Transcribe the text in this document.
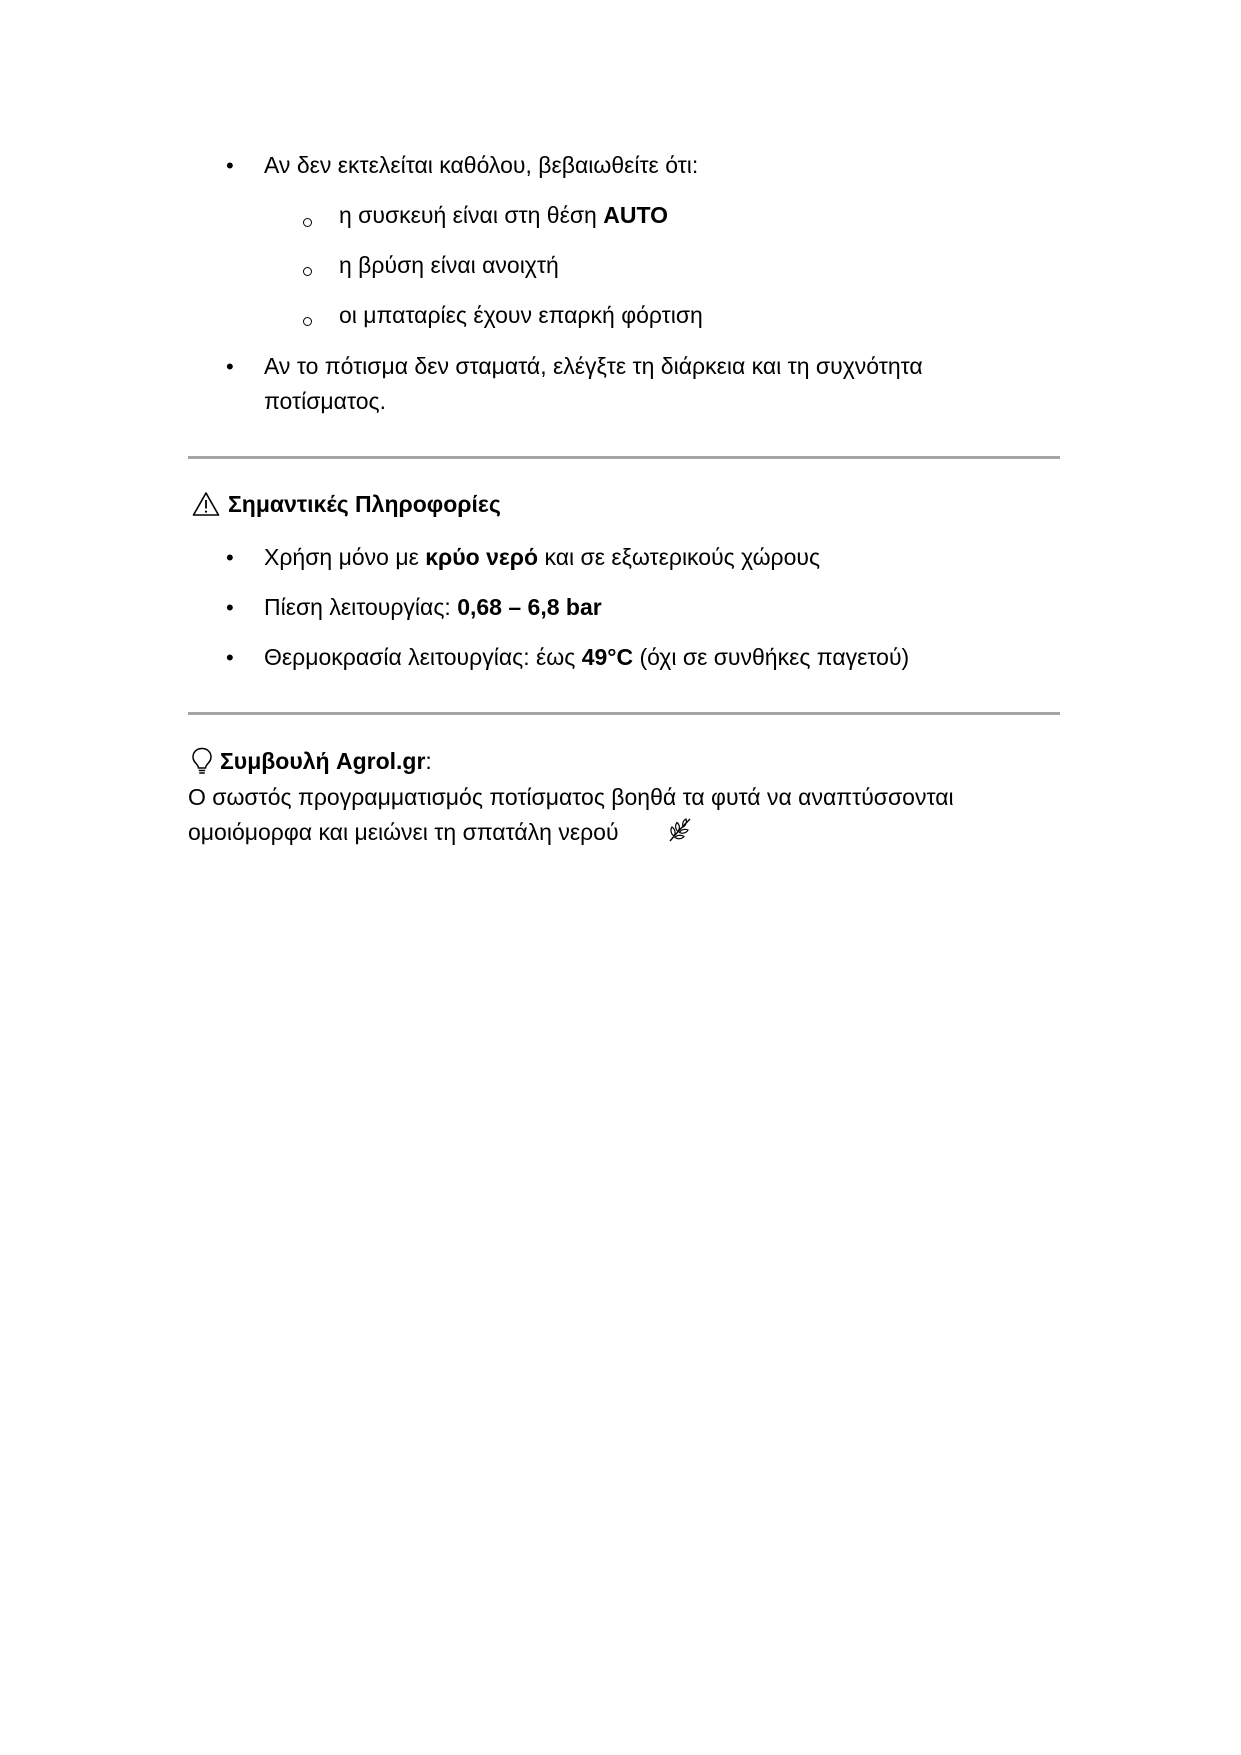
• Αν δεν εκτελείται καθόλου, βεβαιωθείτε ότι:
η συσκευή είναι στη θέση AUTO
η βρύση είναι ανοιχτή
οι μπαταρίες έχουν επαρκή φόρτιση
• Αν το πότισμα δεν σταματά, ελέγξτε τη διάρκεια και τη συχνότητα
ποτίσματος.
Σημαντικές Πληροφορίες
• Χρήση μόνο με κρύο νερό και σε εξωτερικούς χώρους
• Πίεση λειτουργίας: 0,68 – 6,8 bar
• Θερμοκρασία λειτουργίας: έως 49°C (όχι σε συνθήκες παγετού)
Συμβουλή Agrol.gr:
Ο σωστός προγραμματισμός ποτίσματος βοηθά τα φυτά να αναπτύσσονται
ομοιόμορφα και μειώνει τη σπατάλη νερού
